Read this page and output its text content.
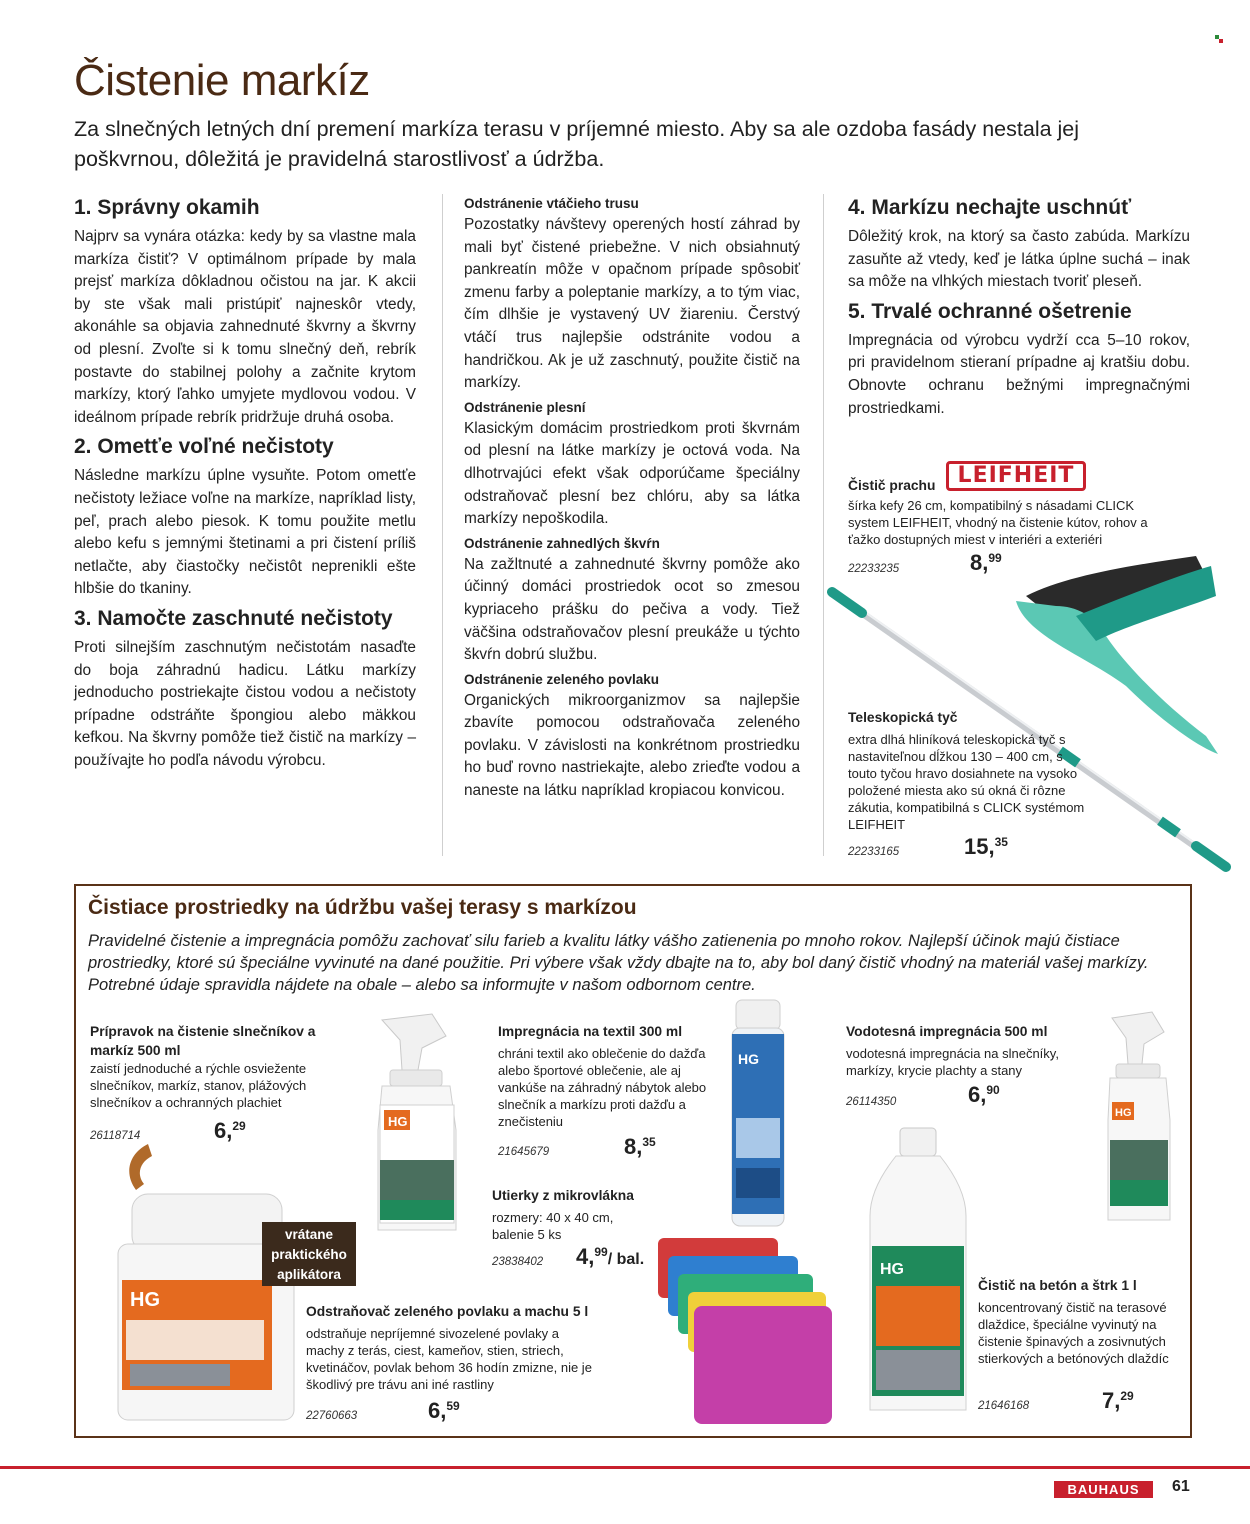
Čistenie markíz
Za slnečných letných dní premení markíza terasu v príjemné miesto. Aby sa ale ozdoba fasády nestala jej poškvrnou, dôležitá je pravidelná starostlivosť a údržba.
1. Správny okamih

Najprv sa vynára otázka: kedy by sa vlastne mala markíza čistiť? V optimálnom prípade by mala prejsť markíza dôkladnou očistou na jar. K akcii by ste však mali pristúpiť najneskôr vtedy, akonáhle sa objavia zahnednuté škvrny a škvrny od plesní. Zvoľte si k tomu slnečný deň, rebrík postavte do stabilnej polohy a začnite krytom markízy, ktorý ľahko umyjete mydlovou vodou. V ideálnom prípade rebrík pridržuje druhá osoba.

2. Ometťe voľné nečistoty

Následne markízu úplne vysuňte. Potom ometťe nečistoty ležiace voľne na markíze, napríklad listy, peľ, prach alebo piesok. K tomu použite metlu alebo kefu s jemnými štetinami a pri čistení príliš netlačte, aby čiastočky nečistôt neprenikli ešte hlbšie do tkaniny.

3. Namočte zaschnuté nečistoty

Proti silnejším zaschnutým nečistotám nasaďte do boja záhradnú hadicu. Látku markízy jednoducho postriekajte čistou vodou a nečistoty prípadne odstráňte špongiou alebo mäkkou kefkou. Na škvrny pomôže tiež čistič na markízy – používajte ho podľa návodu výrobcu.

Odstránenie vtáčieho trusu

Pozostatky návštevy operených hostí záhrad by mali byť čistené priebežne. V nich obsiahnutý pankreatín môže v opačnom prípade spôsobiť zmenu farby a poleptanie markízy, a to tým viac, čím dlhšie je vystavený UV žiareniu. Čerstvý vtáčí trus najlepšie odstránite vodou a handričkou. Ak je už zaschnutý, použite čistič na markízy.

Odstránenie plesní

Klasickým domácim prostriedkom proti škvrnám od plesní na látke markízy je octová voda. Na dlhotrvajúci efekt však odporúčame špeciálny odstraňovač plesní bez chlóru, aby sa látka markízy nepoškodila.

Odstránenie zahnedlých škvŕn

Na zažltnuté a zahnednuté škvrny pomôže ako účinný domáci prostriedok ocot so zmesou kypriaceho prášku do pečiva a vody. Tiež väčšina odstraňovačov plesní preukáže u týchto škvŕn dobrú službu.

Odstránenie zeleného povlaku

Organických mikroorganizmov sa najlepšie zbavíte pomocou odstraňovača zeleného povlaku. V závislosti na konkrétnom prostriedku ho buď rovno nastriekajte, alebo zrieďte vodou a naneste na látku napríklad kropiacou konvicou.

4. Markízu nechajte uschnúť

Dôležitý krok, na ktorý sa často zabúda. Markízu zasuňte až vtedy, keď je látka úplne suchá – inak sa môže na vlhkých miestach tvoriť pleseň.

5. Trvalé ochranné ošetrenie

Impregnácia od výrobcu vydrží cca 5–10 rokov, pri pravidelnom stieraní prípadne aj kratšiu dobu. Obnovte ochranu bežnými impregnačnými prostriedkami.

Čistič prachu	LEIFHEIT
šírka kefy 26 cm, kompatibilný s násadami CLICK system LEIFHEIT, vhodný na čistenie kútov, rohov a ťažko dostupných miest v interiéri a exteriéri
22233235	8,99
Teleskopická tyč
extra dlhá hliníková teleskopická tyč s nastaviteľnou dĺžkou 130 – 400 cm, s touto tyčou hravo dosiahnete na vysoko položené miesta ako sú okná či rôzne zákutia, kompatibilná s CLICK systémom LEIFHEIT
22233165	15,35
Čistiace prostriedky na údržbu vašej terasy s markízou
Pravidelné čistenie a impregnácia pomôžu zachovať silu farieb a kvalitu látky vášho zatienenia po mnoho rokov. Najlepší účinok majú čistiace prostriedky, ktoré sú špeciálne vyvinuté na dané použitie. Pri výbere však vždy dbajte na to, aby bol daný čistič vhodný na materiál vašej markízy. Potrebné údaje spravidla nájdete na obale – alebo sa informujte v našom odbornom centre.
Prípravok na čistenie slnečníkov a markíz 500 ml
zaistí jednoduché a rýchle osviežente slnečníkov, markíz, stanov, plážových slnečníkov a ochranných plachiet
26118714	6,29	HG
HG
vrátane praktického aplikátora
Impregnácia na textil 300 ml
chráni textil ako oblečenie do dažďa alebo športové oblečenie, ale aj vankúše na záhradný nábytok alebo slnečník a markízu proti dažďu a znečisteniu
21645679	8,35
HG
Vodotesná impregnácia 500 ml
vodotesná impregnácia na slnečníky, markízy, krycie plachty a stany
26114350	6,90
HG
Utierky z mikrovlákna
rozmery: 40 x 40 cm, balenie 5 ks
23838402 4,99/ bal.
Odstraňovač zeleného povlaku a machu 5 l
odstraňuje nepríjemné sivozelené povlaky a machy z terás, ciest, kameňov, stien, striech, kvetináčov, povlak behom 36 hodín zmizne, nie je škodlivý pre trávu ani iné rastliny
22760663	6,59
HG
Čistič na betón a štrk 1 l
koncentrovaný čistič na terasové dlaždice, špeciálne vyvinutý na čistenie špinavých a zosivnutých stierkových a betónových dlaždíc
21646168	7,29
BAUHAUS	61
